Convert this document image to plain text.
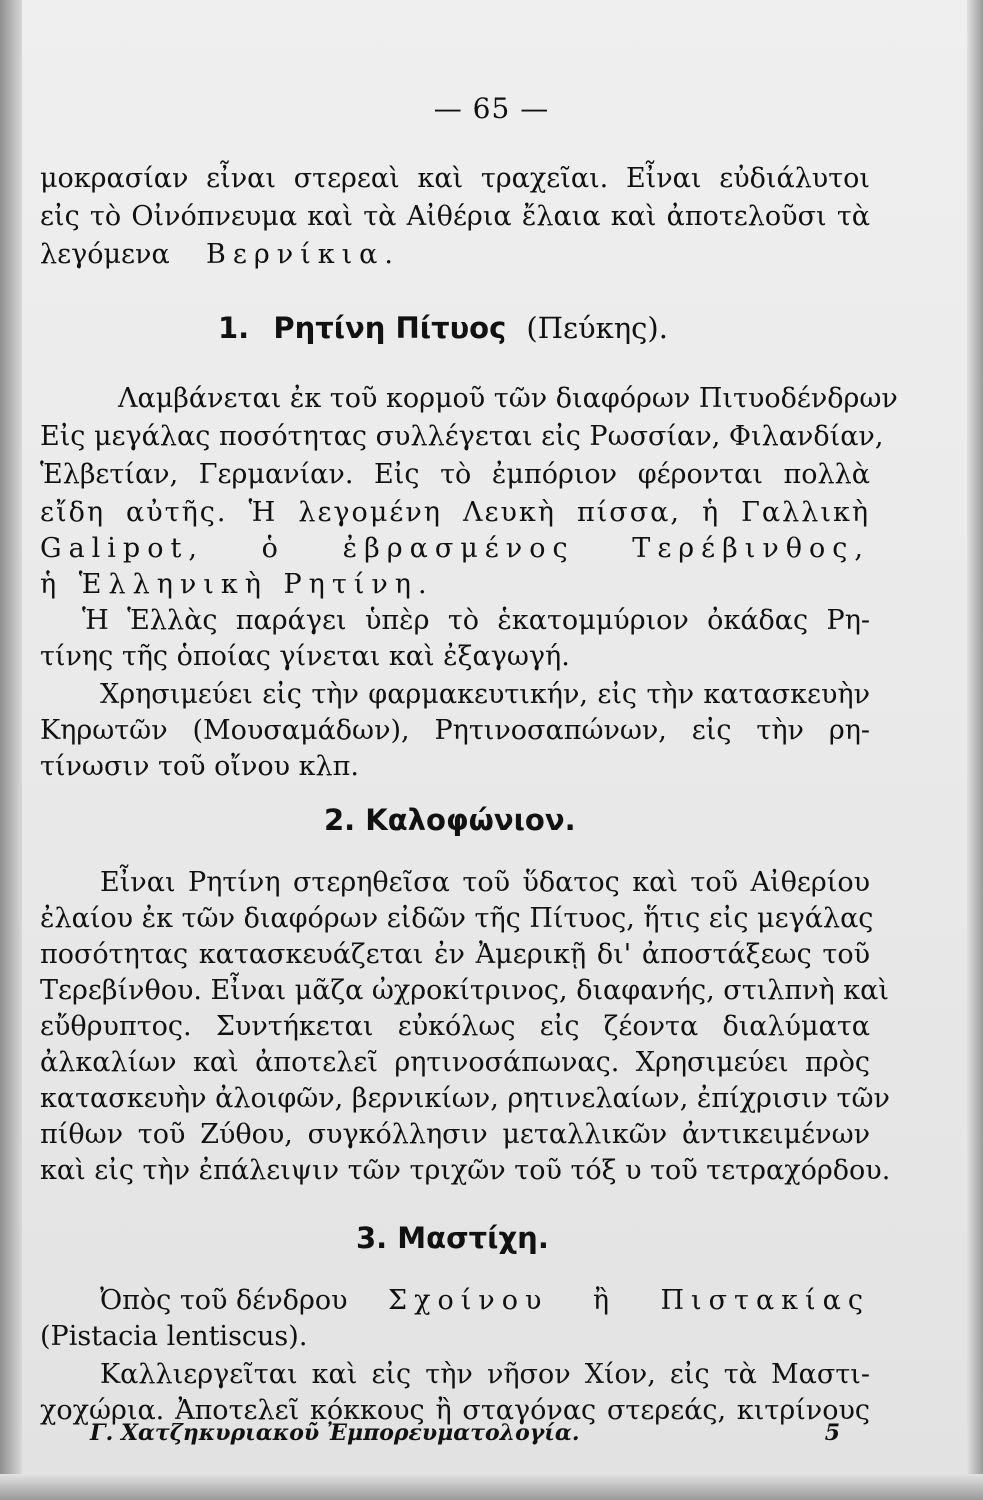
— 65 —
μοκρασίαν εἶναι στερεαὶ καὶ τραχεῖαι. Εἶναι εὐδιάλυτοι
εἰς τὸ Οἰνόπνευμα καὶ τὰ Αἰθέρια ἔλαια καὶ ἀποτελοῦσι τὰ
λεγόμενα	Βερνίκια.
1. Ρητίνη Πίτυος (Πεύκης).
Λαμβάνεται ἐκ τοῦ κορμοῦ τῶν διαφόρων Πιτυοδένδρων
Εἰς μεγάλας ποσότητας συλλέγεται εἰς Ρωσσίαν, Φιλανδίαν,
Ἑλβετίαν, Γερμανίαν. Εἰς τὸ ἐμπόριον φέρονται πολλὰ
εἴδη αὐτῆς. Ἡ λεγομένη Λευκὴ πίσσα, ἡ Γαλλικὴ
Galipot, ὁ ἐβρασμένος Τερέβινθος,
ἡ Ἑλληνικὴ Ρητίνη.
Ἡ Ἑλλὰς παράγει ὑπὲρ τὸ ἑκατομμύριον ὀκάδας Ρη-
τίνης τῆς ὁποίας γίνεται καὶ ἐξαγωγή.
Χρησιμεύει εἰς τὴν φαρμακευτικήν, εἰς τὴν κατασκευὴν
Κηρωτῶν (Μουσαμάδων), Ρητινοσαπώνων, εἰς τὴν ρη-
τίνωσιν τοῦ οἴνου κλπ.
2. Καλοφώνιον.
Εἶναι Ρητίνη στερηθεῖσα τοῦ ὕδατος καὶ τοῦ Αἰθερίου
ἐλαίου ἐκ τῶν διαφόρων εἰδῶν τῆς Πίτυος, ἥτις εἰς μεγάλας
ποσότητας κατασκευάζεται ἐν Ἀμερικῇ δι' ἀποστάξεως τοῦ
Τερεβίνθου. Εἶναι μᾶζα ὠχροκίτρινος, διαφανής, στιλπνὴ καὶ
εὔθρυπτος. Συντήκεται εὐκόλως εἰς ζέοντα διαλύματα
ἀλκαλίων καὶ ἀποτελεῖ ρητινοσάπωνας. Χρησιμεύει πρὸς
κατασκευὴν ἀλοιφῶν, βερνικίων, ρητινελαίων, ἐπίχρισιν τῶν
πίθων τοῦ Ζύθου, συγκόλλησιν μεταλλικῶν ἀντικειμένων
καὶ εἰς τὴν ἐπάλειψιν τῶν τριχῶν τοῦ τόξ υ τοῦ τετραχόρδου.
3. Μαστίχη.
Ὀπὸς τοῦ δένδρου	Σχοίνου ἢ Πιστακίας
(Pistacia lentiscus).
Καλλιεργεῖται καὶ εἰς τὴν νῆσον Χίον, εἰς τὰ Μαστι-
χοχώρια. Ἀποτελεῖ κόκκους ἢ σταγόνας στερεάς, κιτρίνους
Γ. Χατζηκυριακοῦ Ἐμπορευματολογία.	5
